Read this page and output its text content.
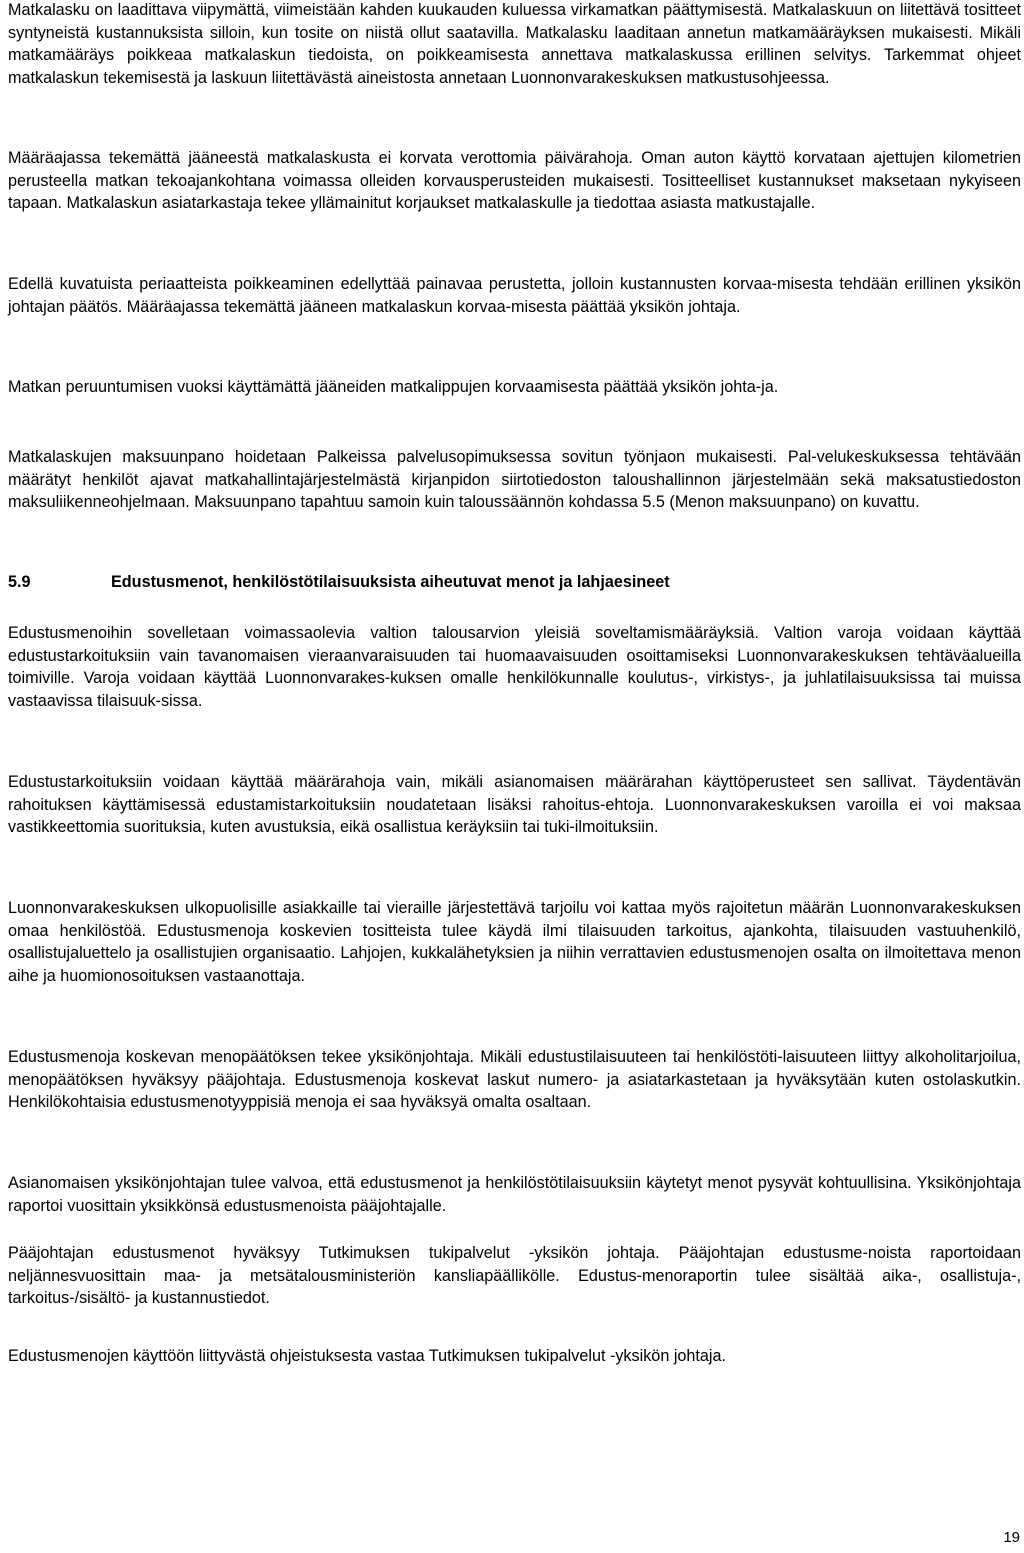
Matkalasku on laadittava viipymättä, viimeistään kahden kuukauden kuluessa virkamatkan päättymisestä. Matkalaskuun on liitettävä tositteet syntyneistä kustannuksista silloin, kun tosite on niistä ollut saatavilla. Matkalasku laaditaan annetun matkamääräyksen mukaisesti. Mikäli matkamääräys poikkeaa matkalaskun tiedoista, on poikkeamisesta annettava matkalaskussa erillinen selvitys. Tarkemmat ohjeet matkalaskun tekemisestä ja laskuun liitettävästä aineistosta annetaan Luonnonvarakeskuksen matkustusohjeessa.

Määräajassa tekemättä jääneestä matkalaskusta ei korvata verottomia päivärahoja. Oman auton käyttö korvataan ajettujen kilometrien perusteella matkan tekoajankohtana voimassa olleiden korvausperusteiden mukaisesti. Tositteelliset kustannukset maksetaan nykyiseen tapaan. Matkalaskun asiatarkastaja tekee yllämainitut korjaukset matkalaskulle ja tiedottaa asiasta matkustajalle.

Edellä kuvatuista periaatteista poikkeaminen edellyttää painavaa perustetta, jolloin kustannusten korvaa-misesta tehdään erillinen yksikön johtajan päätös. Määräajassa tekemättä jääneen matkalaskun korvaa-misesta päättää yksikön johtaja.

Matkan peruuntumisen vuoksi käyttämättä jääneiden matkalippujen korvaamisesta päättää yksikön johta-ja.

Matkalaskujen maksuunpano hoidetaan Palkeissa palvelusopimuksessa sovitun työnjaon mukaisesti. Pal-velukeskuksessa tehtävään määrätyt henkilöt ajavat matkahallintajärjestelmästä kirjanpidon siirtotiedoston taloushallinnon järjestelmään sekä maksatustiedoston maksuliikenneohjelmaan. Maksuunpano tapahtuu samoin kuin taloussäännön kohdassa 5.5 (Menon maksuunpano) on kuvattu.

5.9	Edustusmenot, henkilöstötilaisuuksista aiheutuvat menot ja lahjaesineet

Edustusmenoihin sovelletaan voimassaolevia valtion talousarvion yleisiä soveltamismääräyksiä. Valtion varoja voidaan käyttää edustustarkoituksiin vain tavanomaisen vieraanvaraisuuden tai huomaavaisuuden osoittamiseksi Luonnonvarakeskuksen tehtäväalueilla toimiville. Varoja voidaan käyttää Luonnonvarakes-kuksen omalle henkilökunnalle koulutus-, virkistys-, ja juhlatilaisuuksissa tai muissa vastaavissa tilaisuuk-sissa.

Edustustarkoituksiin voidaan käyttää määrärahoja vain, mikäli asianomaisen määrärahan käyttöperusteet sen sallivat. Täydentävän rahoituksen käyttämisessä edustamistarkoituksiin noudatetaan lisäksi rahoitus-ehtoja. Luonnonvarakeskuksen varoilla ei voi maksaa vastikkeettomia suorituksia, kuten avustuksia, eikä osallistua keräyksiin tai tuki-ilmoituksiin.

Luonnonvarakeskuksen ulkopuolisille asiakkaille tai vieraille järjestettävä tarjoilu voi kattaa myös rajoitetun määrän Luonnonvarakeskuksen omaa henkilöstöä. Edustusmenoja koskevien tositteista tulee käydä ilmi tilaisuuden tarkoitus, ajankohta, tilaisuuden vastuuhenkilö, osallistujaluettelo ja osallistujien organisaatio. Lahjojen, kukkalähetyksien ja niihin verrattavien edustusmenojen osalta on ilmoitettava menon aihe ja huomionosoituksen vastaanottaja.

Edustusmenoja koskevan menopäätöksen tekee yksikönjohtaja. Mikäli edustustilaisuuteen tai henkilöstöti-laisuuteen liittyy alkoholitarjoilua, menopäätöksen hyväksyy pääjohtaja. Edustusmenoja koskevat laskut numero- ja asiatarkastetaan ja hyväksytään kuten ostolaskutkin. Henkilökohtaisia edustusmenotyyppisiä menoja ei saa hyväksyä omalta osaltaan.

Asianomaisen yksikönjohtajan tulee valvoa, että edustusmenot ja henkilöstötilaisuuksiin käytetyt menot pysyvät kohtuullisina. Yksikönjohtaja raportoi vuosittain yksikkönsä edustusmenoista pääjohtajalle.

Pääjohtajan edustusmenot hyväksyy Tutkimuksen tukipalvelut -yksikön johtaja. Pääjohtajan edustusme-noista raportoidaan neljännesvuosittain maa- ja metsätalousministeriön kansliapäällikölle. Edustus-menoraportin tulee sisältää aika-, osallistuja-, tarkoitus-/sisältö- ja kustannustiedot.

Edustusmenojen käyttöön liittyvästä ohjeistuksesta vastaa Tutkimuksen tukipalvelut -yksikön johtaja.

19
